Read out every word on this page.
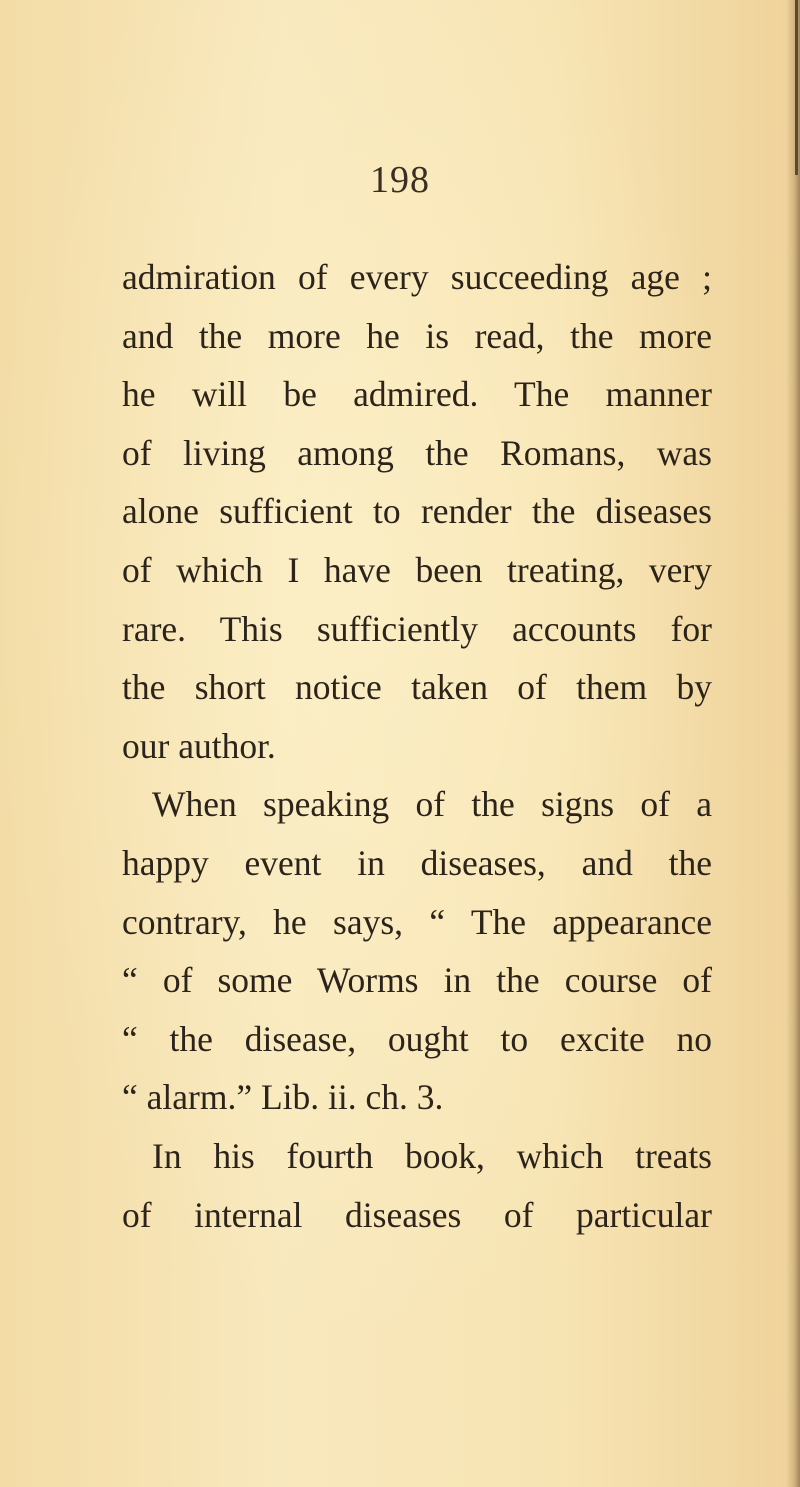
198
admiration of every succeeding age ;
and the more he is read, the more
he will be admired. The manner
of living among the Romans, was
alone sufficient to render the diseases
of which I have been treating, very
rare. This sufficiently accounts for
the short notice taken of them by
our author.
When speaking of the signs of a
happy event in diseases, and the
contrary, he says, “ The appearance
“ of some Worms in the course of
“ the disease, ought to excite no
“ alarm.” Lib. ii. ch. 3.
In his fourth book, which treats
of internal diseases of particular
